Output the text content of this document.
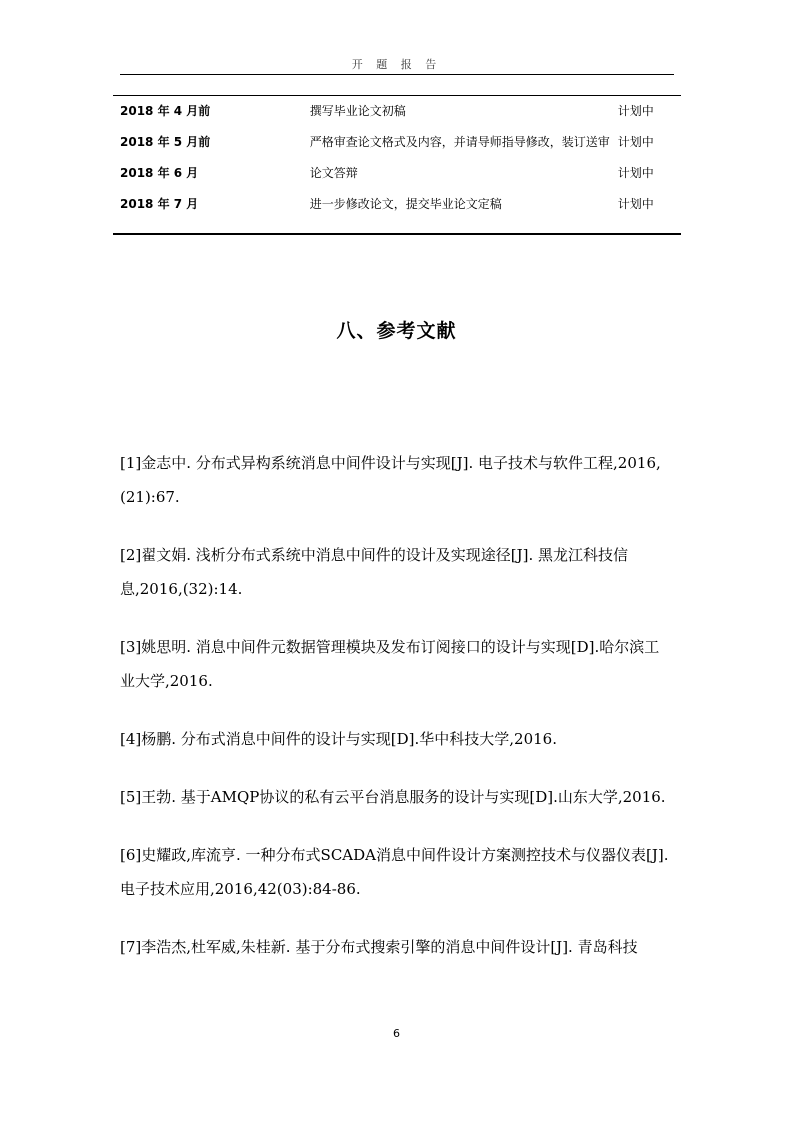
开 题 报 告
2018 年 4 月前	撰写毕业论文初稿	计划中
2018 年 5 月前	严格审查论文格式及内容，并请导师指导修改，装订送审	计划中
2018 年 6 月	论文答辩	计划中
2018 年 7 月	进一步修改论文，提交毕业论文定稿	计划中
八、参考文献

[1]金志中. 分布式异构系统消息中间件设计与实现[J]. 电子技术与软件工程,2016,(21):67.

[2]翟文娟. 浅析分布式系统中消息中间件的设计及实现途径[J]. 黑龙江科技信息,2016,(32):14.

[3]姚思明. 消息中间件元数据管理模块及发布订阅接口的设计与实现[D].哈尔滨工业大学,2016.

[4]杨鹏. 分布式消息中间件的设计与实现[D].华中科技大学,2016.

[5]王勃. 基于AMQP协议的私有云平台消息服务的设计与实现[D].山东大学,2016.

[6]史耀政,库流亨. 一种分布式SCADA消息中间件设计方案测控技术与仪器仪表[J]. 电子技术应用,2016,42(03):84-86.

[7]李浩杰,杜军威,朱桂新. 基于分布式搜索引擎的消息中间件设计[J]. 青岛科技

6
